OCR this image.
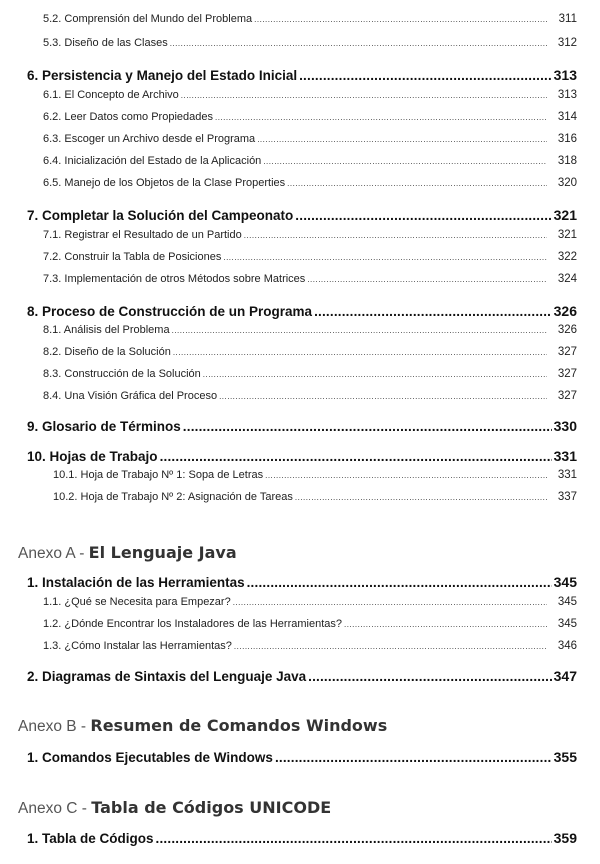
5.2. Comprensión del Mundo del Problema .....	311
5.3. Diseño de las Clases .....	312
6. Persistencia y Manejo del Estado Inicial .....	313
6.1. El Concepto de Archivo .....	313
6.2. Leer Datos como Propiedades .....	314
6.3. Escoger un Archivo desde el Programa .....	316
6.4. Inicialización del Estado de la Aplicación .....	318
6.5. Manejo de los Objetos de la Clase Properties .....	320
7. Completar la Solución del Campeonato .....	321
7.1. Registrar el Resultado de un Partido .....	321
7.2. Construir la Tabla de Posiciones .....	322
7.3. Implementación de otros Métodos sobre Matrices .....	324
8. Proceso de Construcción de un Programa .....	326
8.1. Análisis del Problema .....	326
8.2. Diseño de la Solución .....	327
8.3. Construcción de la Solución .....	327
8.4. Una Visión Gráfica del Proceso .....	327
9. Glosario de Términos .....	330
10. Hojas de Trabajo .....	331
10.1. Hoja de Trabajo Nº 1: Sopa de Letras .....	331
10.2. Hoja de Trabajo Nº 2: Asignación de Tareas .....	337
Anexo A - El Lenguaje Java
1. Instalación de las Herramientas .....	345
1.1. ¿Qué se Necesita para Empezar? .....	345
1.2. ¿Dónde Encontrar los Instaladores de las Herramientas? .....	345
1.3. ¿Cómo Instalar las Herramientas? .....	346
2. Diagramas de Sintaxis del Lenguaje Java .....	347
Anexo B - Resumen de Comandos Windows
1. Comandos Ejecutables de Windows .....	355
Anexo C - Tabla de Códigos UNICODE
1. Tabla de Códigos .....	359
